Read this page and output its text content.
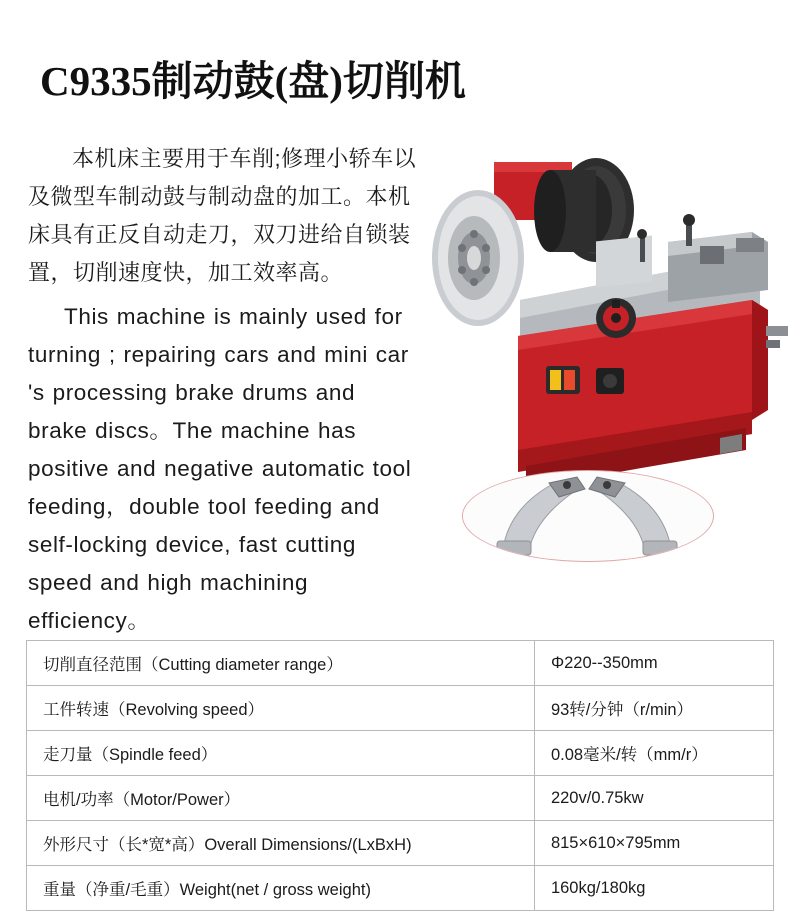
C9335制动鼓(盘)切削机

本机床主要用于车削;修理小轿车以及微型车制动鼓与制动盘的加工。本机床具有正反自动走刀，双刀进给自锁装置，切削速度快，加工效率高。

This machine is mainly used for turning ; repairing cars and mini car 's processing brake drums and brake discs。The machine has positive and negative automatic tool feeding，double tool feeding and self-locking device, fast cutting speed and high machining efficiency。

切削直径范围（Cutting diameter range）	Φ220--350mm
工件转速（Revolving speed）	93转/分钟（r/min）
走刀量（Spindle feed）	0.08毫米/转（mm/r）
电机/功率（Motor/Power）	220v/0.75kw
外形尺寸（长*宽*高）Overall Dimensions/(LxBxH)	815×610×795mm
重量（净重/毛重）Weight(net / gross weight)	160kg/180kg
